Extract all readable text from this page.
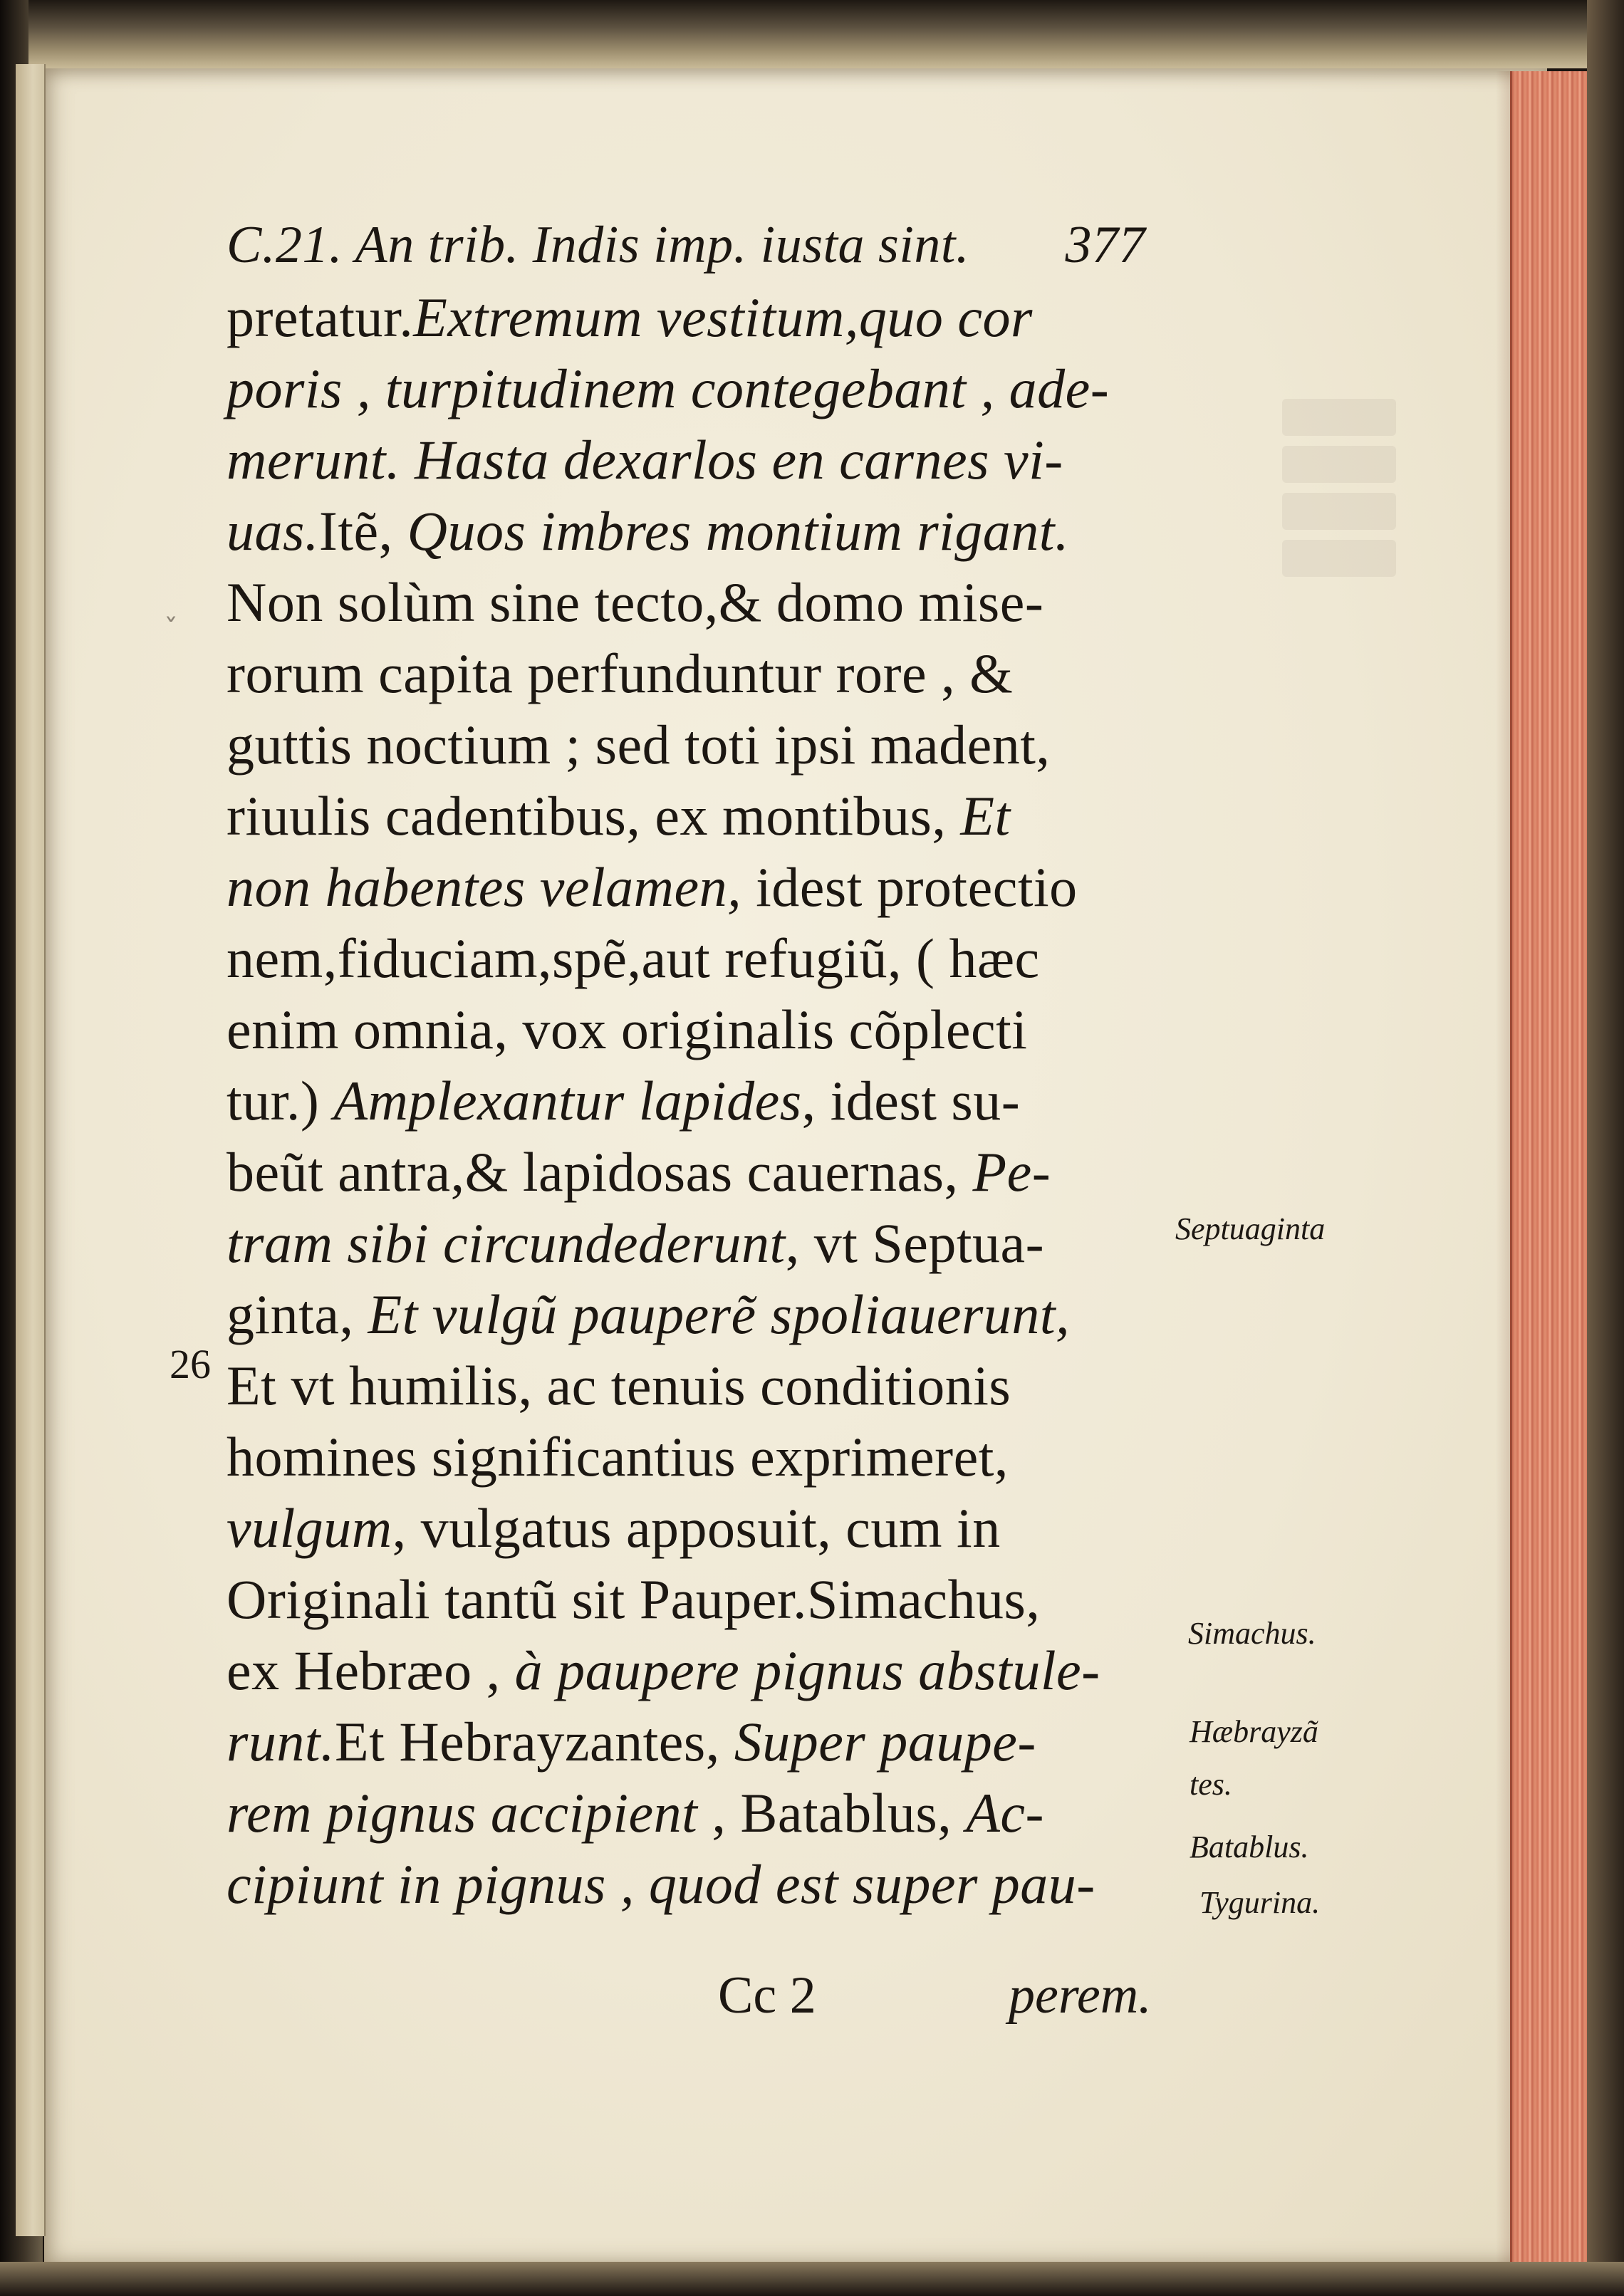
ˇ
C.21. An trib. Indis imp. iusta sint. 377
pretatur.Extremum vestitum,quo cor
poris , turpitudinem contegebant , ade-
merunt. Hasta dexarlos en carnes vi-
uas.Itẽ, Quos imbres montium rigant.
Non solùm sine tecto,& domo mise-
rorum capita perfunduntur rore , &
guttis noctium ; sed toti ipsi madent,
riuulis cadentibus, ex montibus, Et
non habentes velamen, idest protectio
nem,fiduciam,spẽ,aut refugiũ, ( hæc
enim omnia, vox originalis cõplecti
tur.) Amplexantur lapides, idest su-
beũt antra,& lapidosas cauernas, Pe-
tram sibi circundederunt, vt Septua-
ginta, Et vulgũ pauperẽ spoliauerunt,
Et vt humilis, ac tenuis conditionis
homines significantius exprimeret,
vulgum, vulgatus apposuit, cum in
Originali tantũ sit Pauper.Simachus,
ex Hebræo , à paupere pignus abstule-
runt.Et Hebrayzantes, Super paupe-
rem pignus accipient , Batablus, Ac-
cipiunt in pignus , quod est super pau-
26
Septuaginta
Simachus.
Hæbrayzã
tes.
Batablus.
Tygurina.
Cc 2	perem.
